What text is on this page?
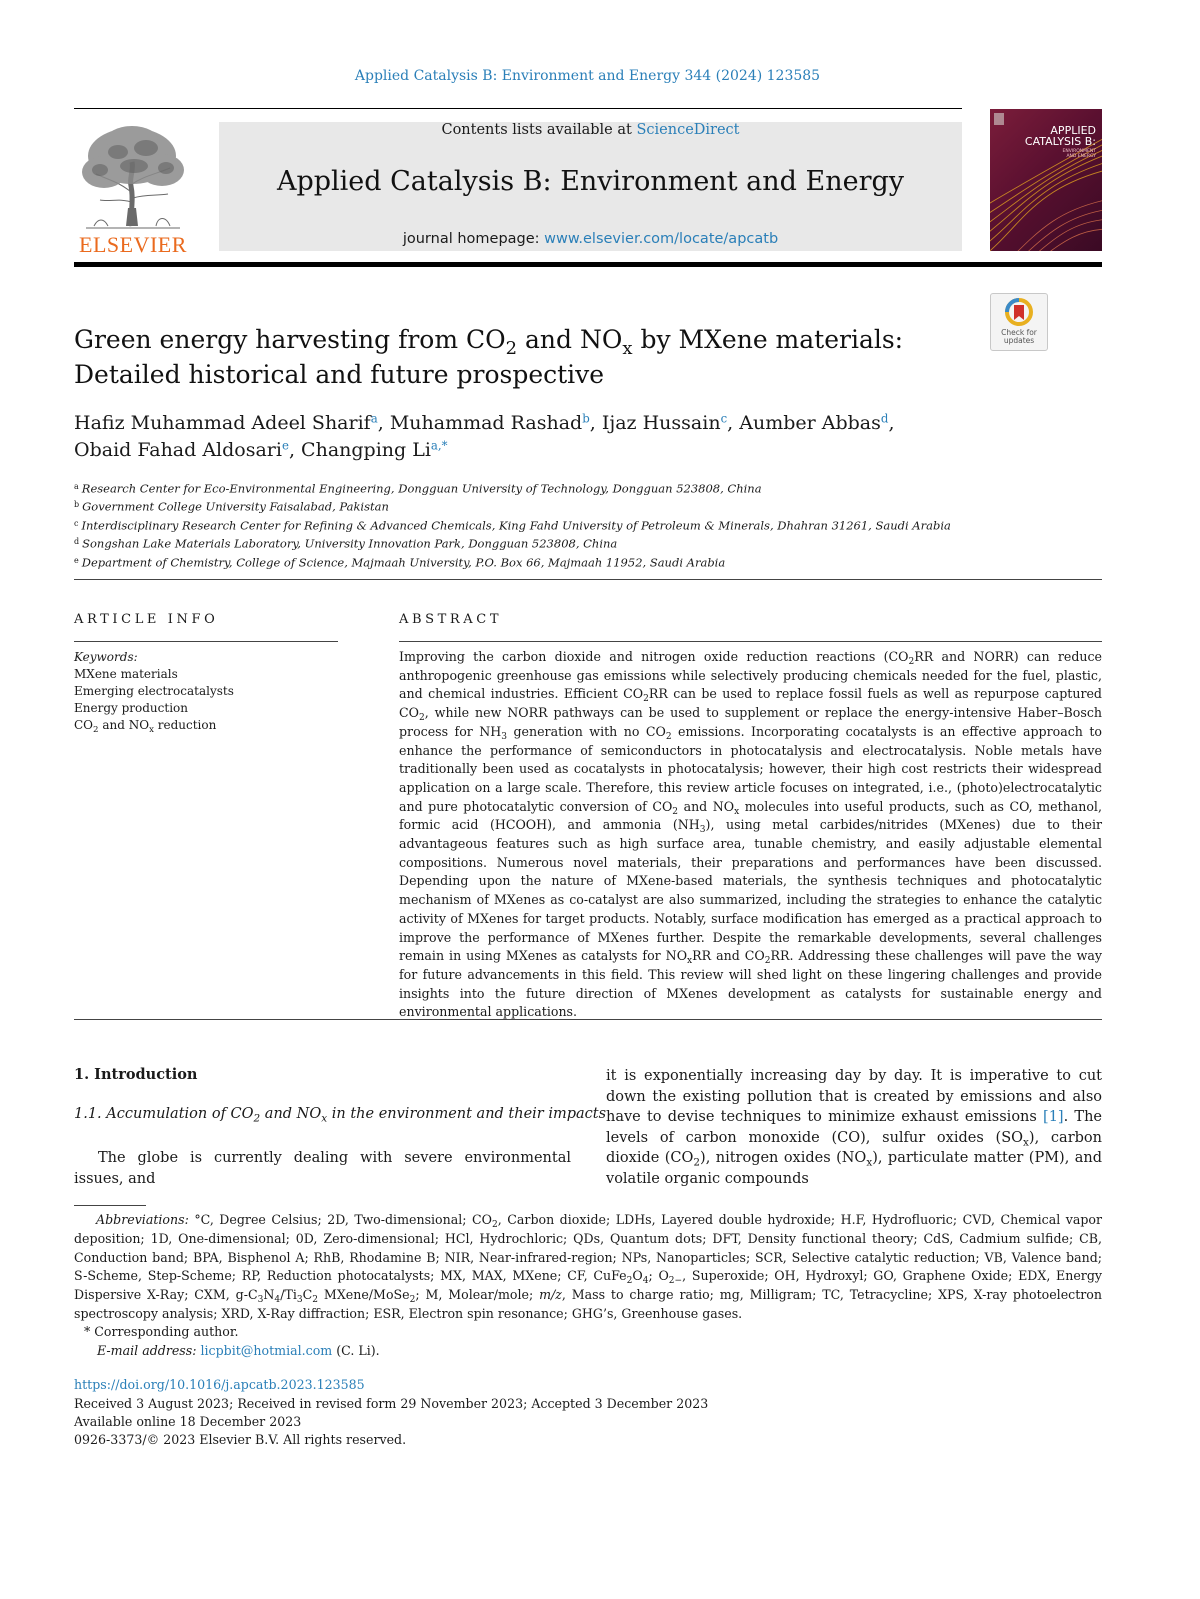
Applied Catalysis B: Environment and Energy 344 (2024) 123585
ELSEVIER
Contents lists available at ScienceDirect
Applied Catalysis B: Environment and Energy
journal homepage: www.elsevier.com/locate/apcatb
APPLIED
CATALYSIS B:
ENVIRONMENT
AND ENERGY
Check for
updates
Green energy harvesting from $CO_2$ and $NO_x$ by MXene materials: Detailed historical and future prospective
Hafiz Muhammad Adeel Sharif$^a$, Muhammad Rashad$^b$, Ijaz Hussain$^c$, Aumber Abbas$^d$,
Obaid Fahad Aldosari$^e$, Changping Li$^{a,*}$
$^a$ Research Center for Eco-Environmental Engineering, Dongguan University of Technology, Dongguan 523808, China
$^b$ Government College University Faisalabad, Pakistan
$^c$ Interdisciplinary Research Center for Refining & Advanced Chemicals, King Fahd University of Petroleum & Minerals, Dhahran 31261, Saudi Arabia
$^d$ Songshan Lake Materials Laboratory, University Innovation Park, Dongguan 523808, China
$^e$ Department of Chemistry, College of Science, Majmaah University, P.O. Box 66, Majmaah 11952, Saudi Arabia
ARTICLE INFO
Keywords:
MXene materials
Emerging electrocatalysts
Energy production
$CO_2$ and $NO_x$ reduction
ABSTRACT
Improving the carbon dioxide and nitrogen oxide reduction reactions ($CO_2RR$ and NORR) can reduce anthropogenic greenhouse gas emissions while selectively producing chemicals needed for the fuel, plastic, and chemical industries. Efficient $CO_2RR$ can be used to replace fossil fuels as well as repurpose captured $CO_2$, while new NORR pathways can be used to supplement or replace the energy-intensive Haber–Bosch process for $NH_3$ generation with no $CO_2$ emissions. Incorporating cocatalysts is an effective approach to enhance the performance of semiconductors in photocatalysis and electrocatalysis. Noble metals have traditionally been used as cocatalysts in photocatalysis; however, their high cost restricts their widespread application on a large scale. Therefore, this review article focuses on integrated, i.e., (photo)electrocatalytic and pure photocatalytic conversion of $CO_2$ and $NO_x$ molecules into useful products, such as CO, methanol, formic acid (HCOOH), and ammonia $(NH_3)$, using metal carbides/nitrides (MXenes) due to their advantageous features such as high surface area, tunable chemistry, and easily adjustable elemental compositions. Numerous novel materials, their preparations and performances have been discussed. Depending upon the nature of MXene-based materials, the synthesis techniques and photocatalytic mechanism of MXenes as co-catalyst are also summarized, including the strategies to enhance the catalytic activity of MXenes for target products. Notably, surface modification has emerged as a practical approach to improve the performance of MXenes further. Despite the remarkable developments, several challenges remain in using MXenes as catalysts for $NO_xRR$ and $CO_2RR$. Addressing these challenges will pave the way for future advancements in this field. This review will shed light on these lingering challenges and provide insights into the future direction of MXenes development as catalysts for sustainable energy and environmental applications.
1. Introduction
1.1. Accumulation of $CO_2$ and $NO_x$ in the environment and their impacts
The globe is currently dealing with severe environmental issues, and
it is exponentially increasing day by day. It is imperative to cut down the existing pollution that is created by emissions and also have to devise techniques to minimize exhaust emissions [1]. The levels of carbon monoxide (CO), sulfur oxides $(SO_x)$, carbon dioxide $(CO_2)$, nitrogen oxides $(NO_x)$, particulate matter (PM), and volatile organic compounds
Abbreviations: °C, Degree Celsius; 2D, Two-dimensional; $CO_2$, Carbon dioxide; LDHs, Layered double hydroxide; H.F, Hydrofluoric; CVD, Chemical vapor deposition; 1D, One-dimensional; 0D, Zero-dimensional; HCl, Hydrochloric; QDs, Quantum dots; DFT, Density functional theory; CdS, Cadmium sulfide; CB, Conduction band; BPA, Bisphenol A; RhB, Rhodamine B; NIR, Near-infrared-region; NPs, Nanoparticles; SCR, Selective catalytic reduction; VB, Valence band; S-Scheme, Step-Scheme; RP, Reduction photocatalysts; MX, MAX, MXene; CF, $CuFe_2O_4$; $O_{2-}$, Superoxide; OH, Hydroxyl; GO, Graphene Oxide; EDX, Energy Dispersive X-Ray; CXM, $g-C_3N_4/Ti_3C_2$ MXene/MoSe$_2$; M, Molear/mole; m/z, Mass to charge ratio; mg, Milligram; TC, Tetracycline; XPS, X-ray photoelectron spectroscopy analysis; XRD, X-Ray diffraction; ESR, Electron spin resonance; GHG’s, Greenhouse gases.
* Corresponding author.
E-mail address: licpbit@hotmial.com (C. Li).
https://doi.org/10.1016/j.apcatb.2023.123585
Received 3 August 2023; Received in revised form 29 November 2023; Accepted 3 December 2023
Available online 18 December 2023
0926-3373/© 2023 Elsevier B.V. All rights reserved.
